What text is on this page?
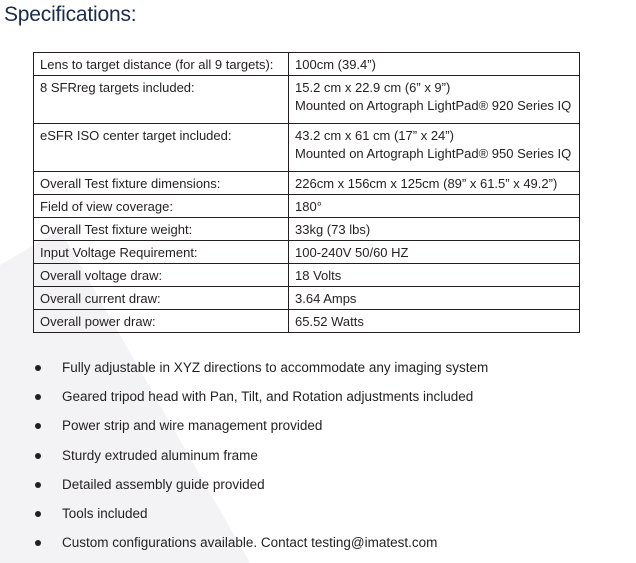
Specifications:
Lens to target distance (for all 9 targets):	100cm (39.4”)

8 SFRreg targets included:	15.2 cm x 22.9 cm (6” x 9”)
Mounted on Artograph LightPad® 920 Series IQ

eSFR ISO center target included:	43.2 cm x 61 cm (17” x 24”)
Mounted on Artograph LightPad® 950 Series IQ

Overall Test fixture dimensions:	226cm x 156cm x 125cm (89” x 61.5” x 49.2”)

Field of view coverage:	180°

Overall Test fixture weight:	33kg (73 lbs)

Input Voltage Requirement:	100-240V 50/60 HZ

Overall voltage draw:	18 Volts

Overall current draw:	3.64 Amps

Overall power draw:	65.52 Watts
Fully adjustable in XYZ directions to accommodate any imaging system
Geared tripod head with Pan, Tilt, and Rotation adjustments included
Power strip and wire management provided
Sturdy extruded aluminum frame
Detailed assembly guide provided
Tools included
Custom configurations available. Contact testing@imatest.com
